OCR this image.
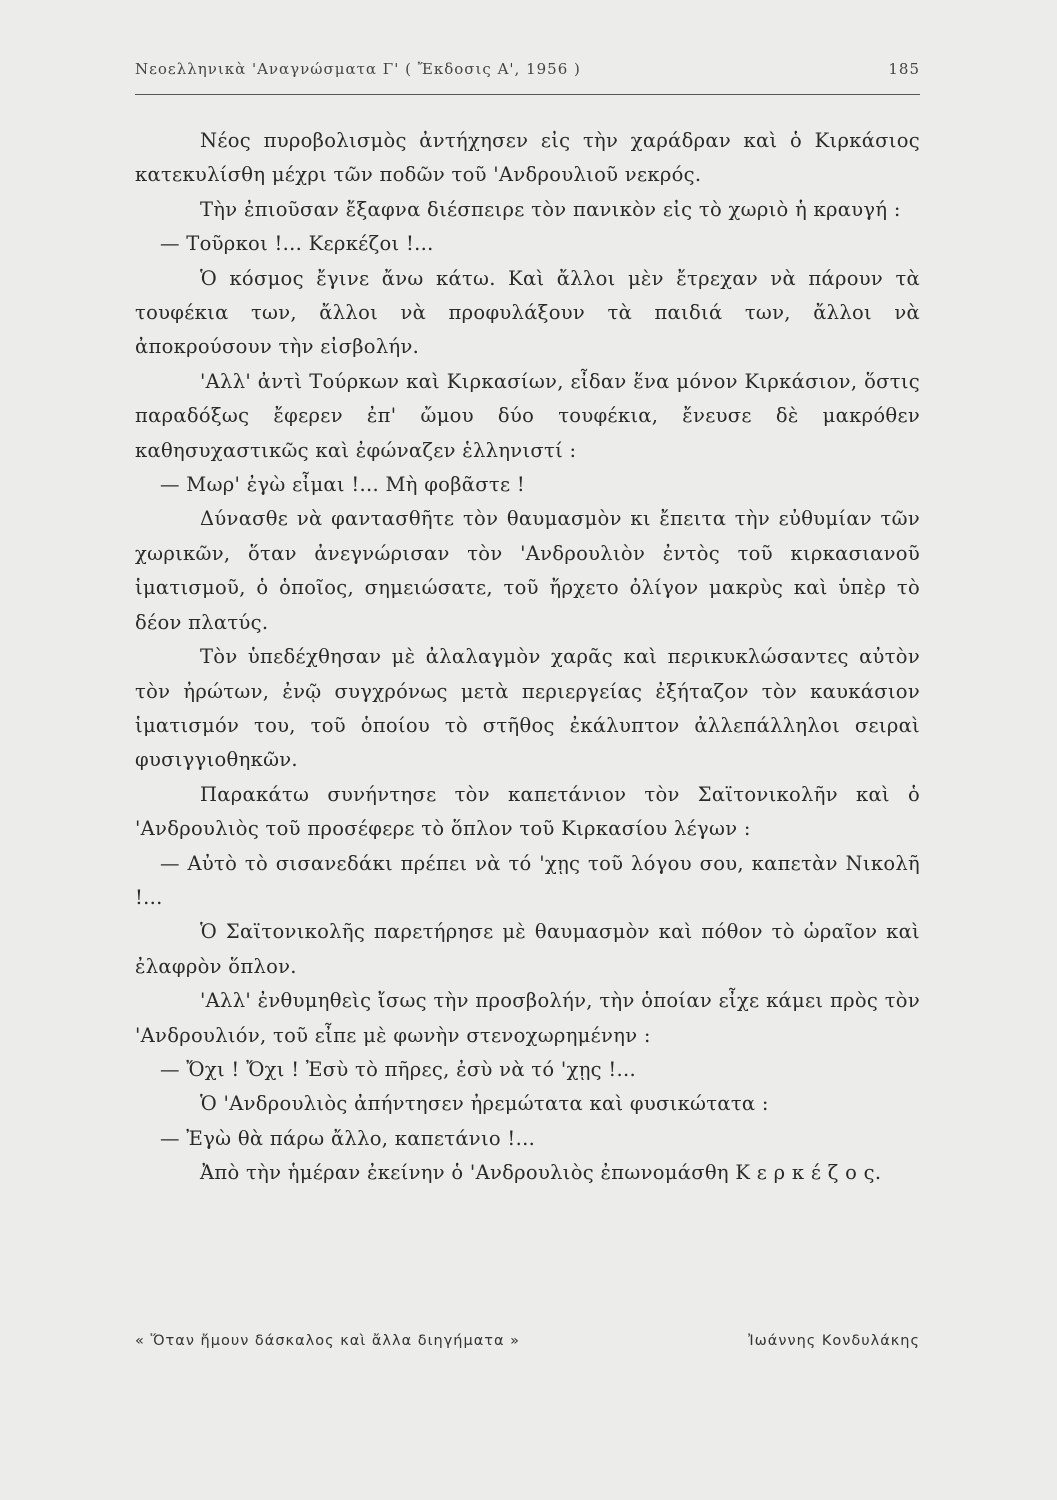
Νεοελληνικὰ 'Αναγνώσματα Γ' ( Ἔκδοσις Α', 1956 )	185

Νέος πυροβολισμὸς ἀντήχησεν εἰς τὴν χαράδραν καὶ ὁ Κιρκάσιος κατεκυλίσθη μέχρι τῶν ποδῶν τοῦ 'Ανδρουλιοῦ νεκρός.

Τὴν ἐπιοῦσαν ἔξαφνα διέσπειρε τὸν πανικὸν εἰς τὸ χωριὸ ἡ κραυγή :

— Τοῦρκοι !... Κερκέζοι !...

Ὁ κόσμος ἔγινε ἄνω κάτω. Καὶ ἄλλοι μὲν ἔτρεχαν νὰ πάρουν τὰ τουφέκια των, ἄλλοι νὰ προφυλάξουν τὰ παιδιά των, ἄλλοι νὰ ἀποκρούσουν τὴν εἰσβολήν.

'Αλλ' ἀντὶ Τούρκων καὶ Κιρκασίων, εἶδαν ἕνα μόνον Κιρκάσιον, ὅστις παραδόξως ἔφερεν ἐπ' ὤμου δύο τουφέκια, ἔνευσε δὲ μακρόθεν καθησυχαστικῶς καὶ ἐφώναζεν ἑλληνιστί :

— Μωρ' ἐγὼ εἶμαι !... Μὴ φοβᾶστε !

Δύνασθε νὰ φαντασθῆτε τὸν θαυμασμὸν κι ἔπειτα τὴν εὐθυμίαν τῶν χωρικῶν, ὅταν ἀνεγνώρισαν τὸν 'Ανδρουλιὸν ἐντὸς τοῦ κιρκασιανοῦ ἱματισμοῦ, ὁ ὁποῖος, σημειώσατε, τοῦ ἤρχετο ὀλίγον μακρὺς καὶ ὑπὲρ τὸ δέον πλατύς.

Τὸν ὑπεδέχθησαν μὲ ἀλαλαγμὸν χαρᾶς καὶ περικυκλώσαντες αὐτὸν τὸν ἠρώτων, ἐνῷ συγχρόνως μετὰ περιεργείας ἐξήταζον τὸν καυκάσιον ἱματισμόν του, τοῦ ὁποίου τὸ στῆθος ἐκάλυπτον ἀλλεπάλληλοι σειραὶ φυσιγγιοθηκῶν.

Παρακάτω συνήντησε τὸν καπετάνιον τὸν Σαϊτονικολῆν καὶ ὁ 'Ανδρουλιὸς τοῦ προσέφερε τὸ ὅπλον τοῦ Κιρκασίου λέγων :

— Αὐτὸ τὸ σισανεδάκι πρέπει νὰ τό 'χῃς τοῦ λόγου σου, καπετὰν Νικολῆ !...

Ὁ Σαϊτονικολῆς παρετήρησε μὲ θαυμασμὸν καὶ πόθον τὸ ὡραῖον καὶ ἐλαφρὸν ὅπλον.

'Αλλ' ἐνθυμηθεὶς ἴσως τὴν προσβολήν, τὴν ὁποίαν εἶχε κάμει πρὸς τὸν 'Ανδρουλιόν, τοῦ εἶπε μὲ φωνὴν στενοχωρημένην :

— Ὄχι ! Ὄχι ! Ἐσὺ τὸ πῆρες, ἐσὺ νὰ τό 'χῃς !...

Ὁ 'Ανδρουλιὸς ἀπήντησεν ἠρεμώτατα καὶ φυσικώτατα :

— Ἐγὼ θὰ πάρω ἄλλο, καπετάνιο !...

Ἀπὸ τὴν ἡμέραν ἐκείνην ὁ 'Ανδρουλιὸς ἐπωνομάσθη Κ ε ρ κ έ ζ ο ς.

« Ὅταν ἤμουν δάσκαλος καὶ ἄλλα διηγήματα »	Ἰωάννης Κονδυλάκης
